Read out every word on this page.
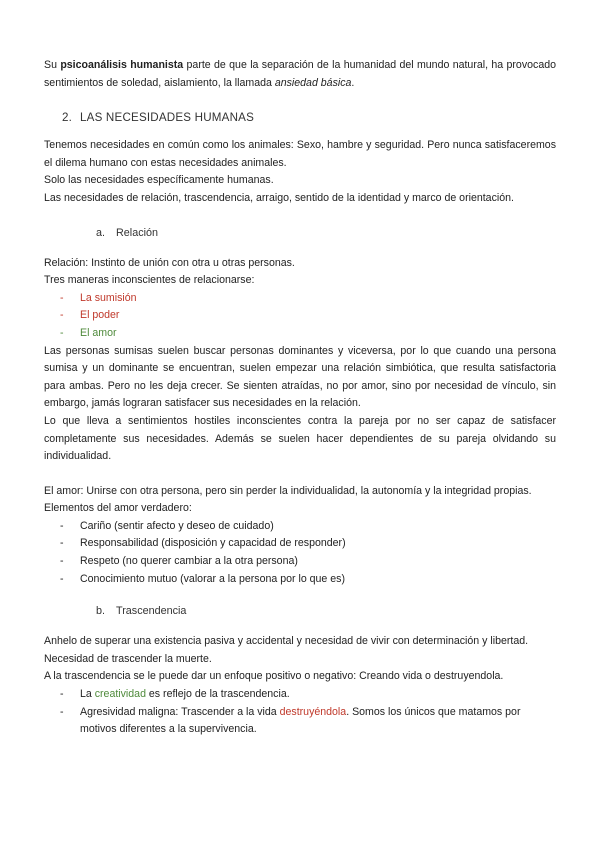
Su psicoanálisis humanista parte de que la separación de la humanidad del mundo natural, ha provocado sentimientos de soledad, aislamiento, la llamada ansiedad básica.

2. LAS NECESIDADES HUMANAS

Tenemos necesidades en común como los animales: Sexo, hambre y seguridad. Pero nunca satisfaceremos el dilema humano con estas necesidades animales.

Solo las necesidades específicamente humanas.

Las necesidades de relación, trascendencia, arraigo, sentido de la identidad y marco de orientación.

a. Relación

Relación: Instinto de unión con otra u otras personas.

Tres maneras inconscientes de relacionarse:

- La sumisión
- El poder
- El amor

Las personas sumisas suelen buscar personas dominantes y viceversa, por lo que cuando una persona sumisa y un dominante se encuentran, suelen empezar una relación simbiótica, que resulta satisfactoria para ambas. Pero no les deja crecer. Se sienten atraídas, no por amor, sino por necesidad de vínculo, sin embargo, jamás lograran satisfacer sus necesidades en la relación.

Lo que lleva a sentimientos hostiles inconscientes contra la pareja por no ser capaz de satisfacer completamente sus necesidades. Además se suelen hacer dependientes de su pareja olvidando su individualidad.

El amor: Unirse con otra persona, pero sin perder la individualidad, la autonomía y la integridad propias.

Elementos del amor verdadero:

- Cariño (sentir afecto y deseo de cuidado)
- Responsabilidad (disposición y capacidad de responder)
- Respeto (no querer cambiar a la otra persona)
- Conocimiento mutuo (valorar a la persona por lo que es)
b. Trascendencia

Anhelo de superar una existencia pasiva y accidental y necesidad de vivir con determinación y libertad.

Necesidad de trascender la muerte.

A la trascendencia se le puede dar un enfoque positivo o negativo: Creando vida o destruyendola.

- La creatividad es reflejo de la trascendencia.
- Agresividad maligna: Trascender a la vida destruyéndola. Somos los únicos que matamos por motivos diferentes a la supervivencia.
